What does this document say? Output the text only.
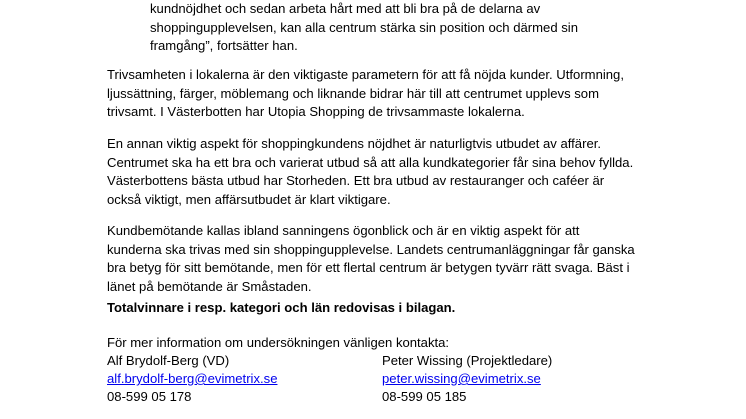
kundnöjdhet och sedan arbeta hårt med att bli bra på de delarna av
shoppingupplevelsen, kan alla centrum stärka sin position och därmed sin
framgång”, fortsätter han.
Trivsamheten i lokalerna är den viktigaste parametern för att få nöjda kunder. Utformning,
ljussättning, färger, möblemang och liknande bidrar här till att centrumet upplevs som
trivsamt. I Västerbotten har Utopia Shopping de trivsammaste lokalerna.
En annan viktig aspekt för shoppingkundens nöjdhet är naturligtvis utbudet av affärer.
Centrumet ska ha ett bra och varierat utbud så att alla kundkategorier får sina behov fyllda.
Västerbottens bästa utbud har Storheden. Ett bra utbud av restauranger och caféer är
också viktigt, men affärsutbudet är klart viktigare.
Kundbemötande kallas ibland sanningens ögonblick och är en viktig aspekt för att
kunderna ska trivas med sin shoppingupplevelse. Landets centrumanläggningar får ganska
bra betyg för sitt bemötande, men för ett flertal centrum är betygen tyvärr rätt svaga. Bäst i
länet på bemötande är Småstaden.
Totalvinnare i resp. kategori och län redovisas i bilagan.
För mer information om undersökningen vänligen kontakta:
Alf Brydolf-Berg (VD)
alf.brydolf-berg@evimetrix.se
08-599 05 178
Peter Wissing (Projektledare)
peter.wissing@evimetrix.se
08-599 05 185
